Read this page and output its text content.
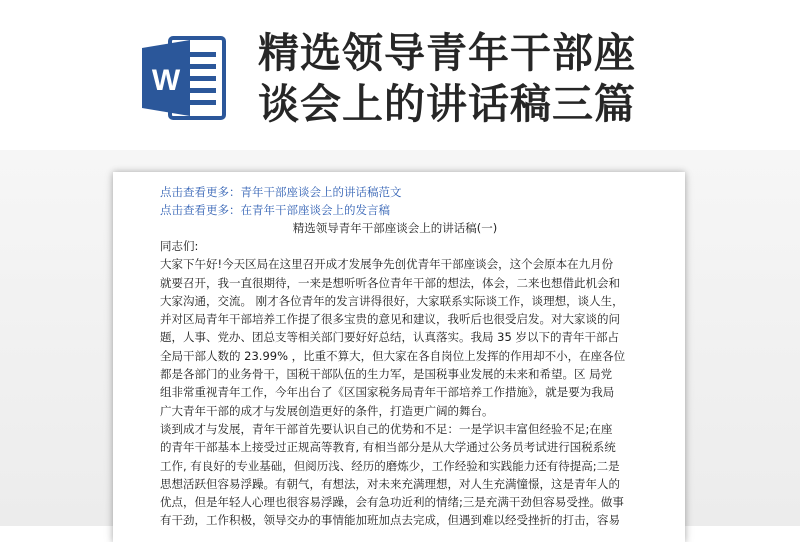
W
精选领导青年干部座
谈会上的讲话稿三篇
点击查看更多：青年干部座谈会上的讲话稿范文
点击查看更多：在青年干部座谈会上的发言稿
精选领导青年干部座谈会上的讲话稿(一)
同志们:
大家下午好!今天区局在这里召开成才发展争先创优青年干部座谈会，这个会原本在九月份
就要召开，我一直很期待，一来是想听听各位青年干部的想法，体会，二来也想借此机会和
大家沟通，交流。 刚才各位青年的发言讲得很好，大家联系实际谈工作，谈理想，谈人生，
并对区局青年干部培养工作提了很多宝贵的意见和建议，我听后也很受启发。对大家谈的问
题，人事、党办、团总支等相关部门要好好总结，认真落实。我局 35 岁以下的青年干部占
全局干部人数的 23.99% ，比重不算大，但大家在各自岗位上发挥的作用却不小，在座各位
都是各部门的业务骨干，国税干部队伍的生力军，是国税事业发展的未来和希望。区 局党
组非常重视青年工作，今年出台了《区国家税务局青年干部培养工作措施》，就是要为我局
广大青年干部的成才与发展创造更好的条件，打造更广阔的舞台。
谈到成才与发展，青年干部首先要认识自己的优势和不足：一是学识丰富但经验不足;在座
的青年干部基本上接受过正规高等教育, 有相当部分是从大学通过公务员考试进行国税系统
工作, 有良好的专业基础，但阅历浅、经历的磨炼少，工作经验和实践能力还有待提高;二是
思想活跃但容易浮躁。有朝气，有想法，对未来充满理想，对人生充满憧憬，这是青年人的
优点，但是年轻人心理也很容易浮躁，会有急功近利的情绪;三是充满干劲但容易受挫。做事
有干劲，工作积极，领导交办的事情能加班加点去完成，但遇到难以经受挫折的打击，容易
